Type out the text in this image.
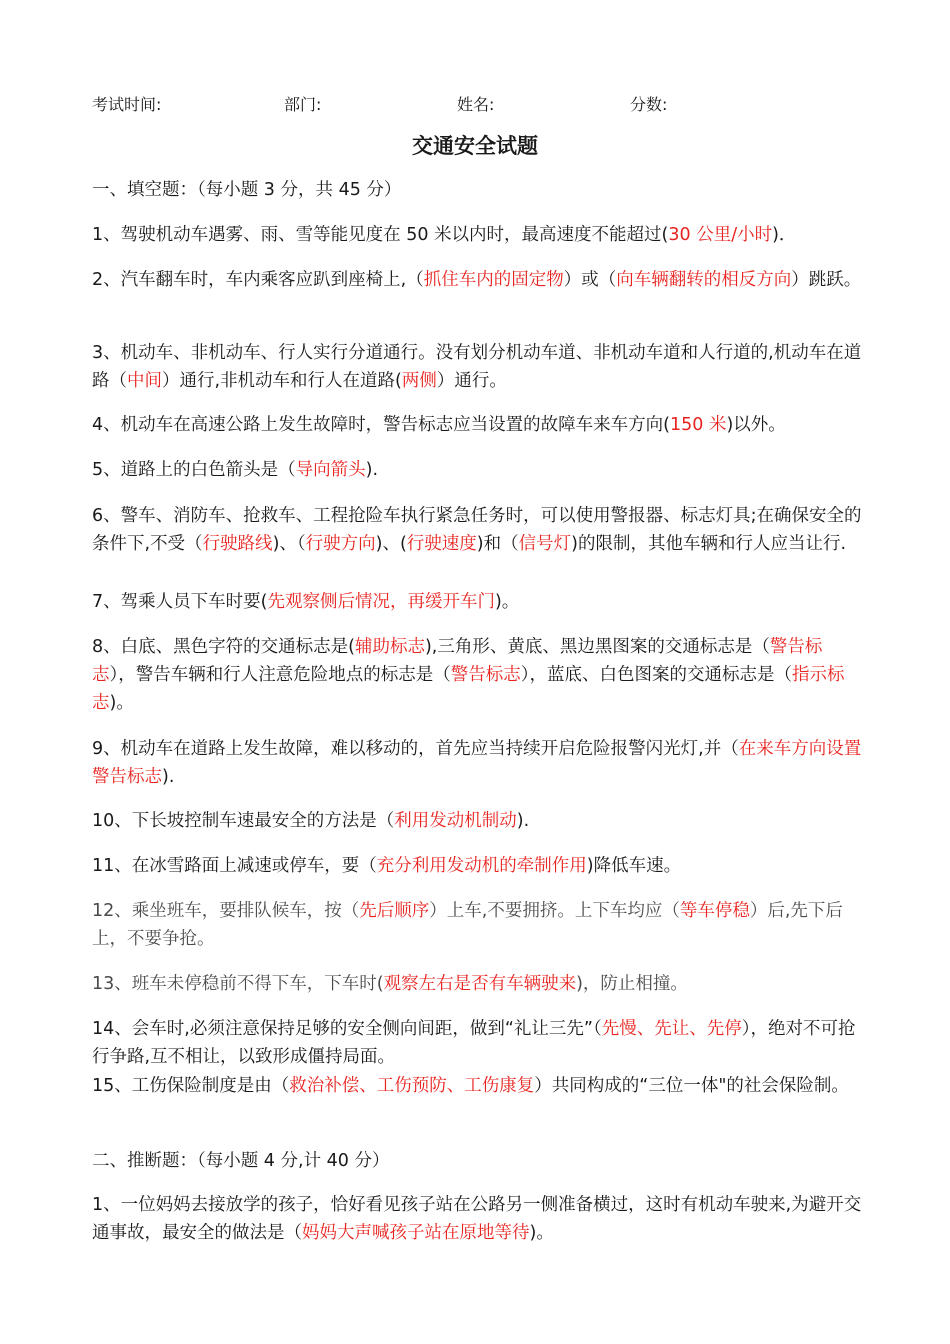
考试时间:	部门:	姓名:	分数:
交通安全试题
一、填空题：（每小题 3 分，共 45 分）
1、驾驶机动车遇雾、雨、雪等能见度在 50 米以内时，最高速度不能超过(30 公里/小时)．
2、汽车翻车时，车内乘客应趴到座椅上,（抓住车内的固定物）或（向车辆翻转的相反方向）跳跃。
3、机动车、非机动车、行人实行分道通行。没有划分机动车道、非机动车道和人行道的,机动车在道路（中间）通行,非机动车和行人在道路(两侧）通行。
4、机动车在高速公路上发生故障时，警告标志应当设置的故障车来车方向(150 米)以外。
5、道路上的白色箭头是（导向箭头).
6、警车、消防车、抢救车、工程抢险车执行紧急任务时，可以使用警报器、标志灯具;在确保安全的条件下,不受（行驶路线)、（行驶方向)、(行驶速度)和（信号灯)的限制，其他车辆和行人应当让行.
7、驾乘人员下车时要(先观察侧后情况，再缓开车门)。
8、白底、黑色字符的交通标志是(辅助标志),三角形、黄底、黑边黑图案的交通标志是（警告标志），警告车辆和行人注意危险地点的标志是（警告标志），蓝底、白色图案的交通标志是（指示标志)。
9、机动车在道路上发生故障，难以移动的，首先应当持续开启危险报警闪光灯,并（在来车方向设置警告标志).
10、下长坡控制车速最安全的方法是（利用发动机制动).
11、在冰雪路面上减速或停车，要（充分利用发动机的牵制作用)降低车速。
12、乘坐班车，要排队候车，按（先后顺序）上车,不要拥挤。上下车均应（等车停稳）后,先下后上，不要争抢。
13、班车未停稳前不得下车，下车时(观察左右是否有车辆驶来)，防止相撞。
14、会车时,必须注意保持足够的安全侧向间距，做到“礼让三先”（先慢、先让、先停），绝对不可抢行争路,互不相让，以致形成僵持局面。
15、工伤保险制度是由（救治补偿、工伤预防、工伤康复）共同构成的“三位一体"的社会保险制。
二、推断题：（每小题 4 分,计 40 分）
1、一位妈妈去接放学的孩子，恰好看见孩子站在公路另一侧准备横过，这时有机动车驶来,为避开交通事故，最安全的做法是（妈妈大声喊孩子站在原地等待)。
